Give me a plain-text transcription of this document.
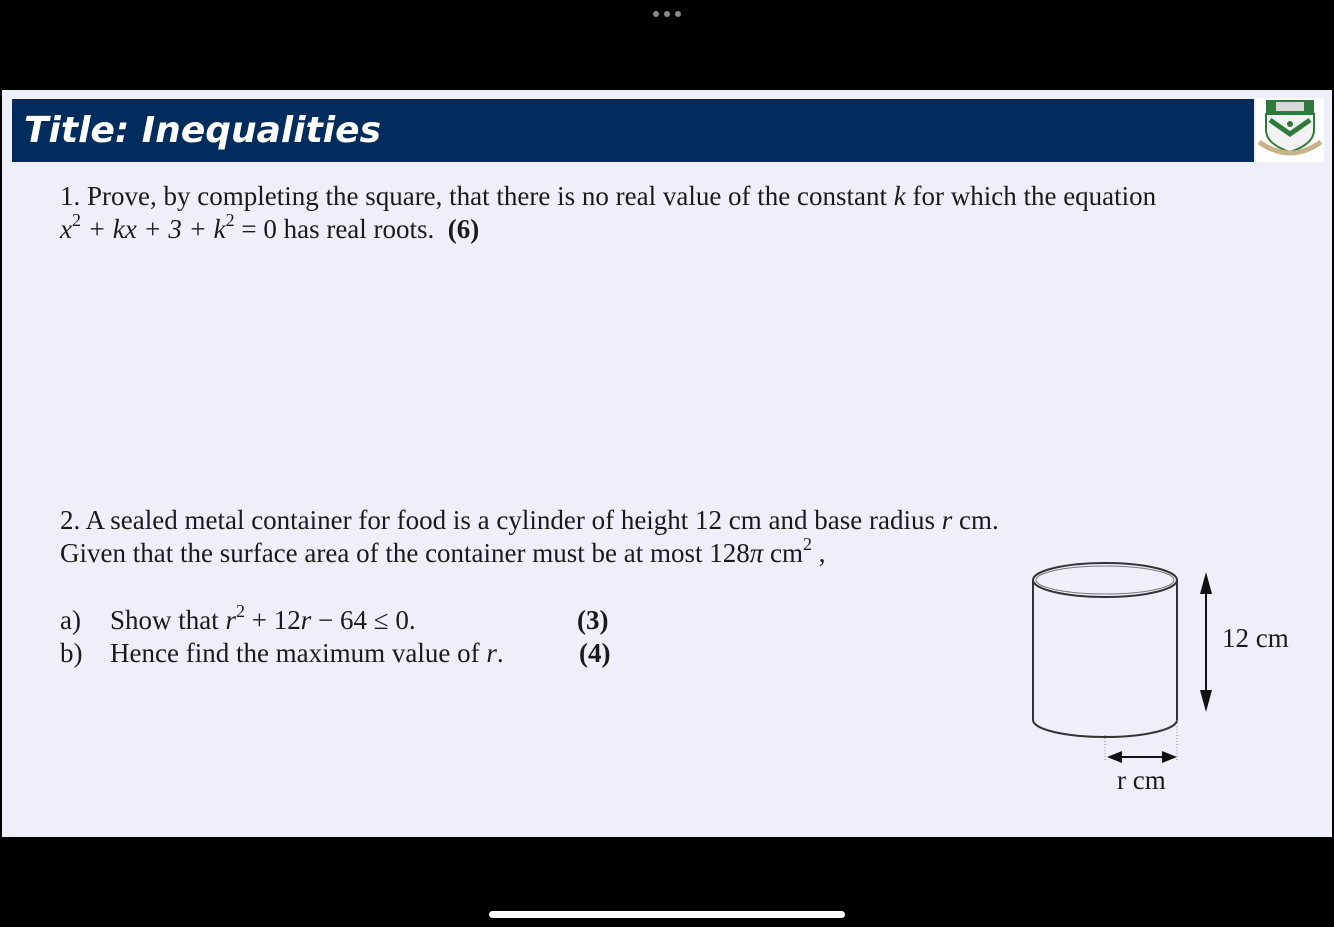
Title: Inequalities
1. Prove, by completing the square, that there is no real value of the constant k for which the equation
$x^2$ + kx + $3 + k^2 = 0$ has real roots. (6)
2. A sealed metal container for food is a cylinder of height 12 cm and base radius r cm.
Given that the surface area of the container must be at most 128π $cm^2$ ,
a) Show that $r^2 + 12r - 64 \le 0$.	(3)
b) Hence find the maximum value of r.	(4)	12 cm
r cm
